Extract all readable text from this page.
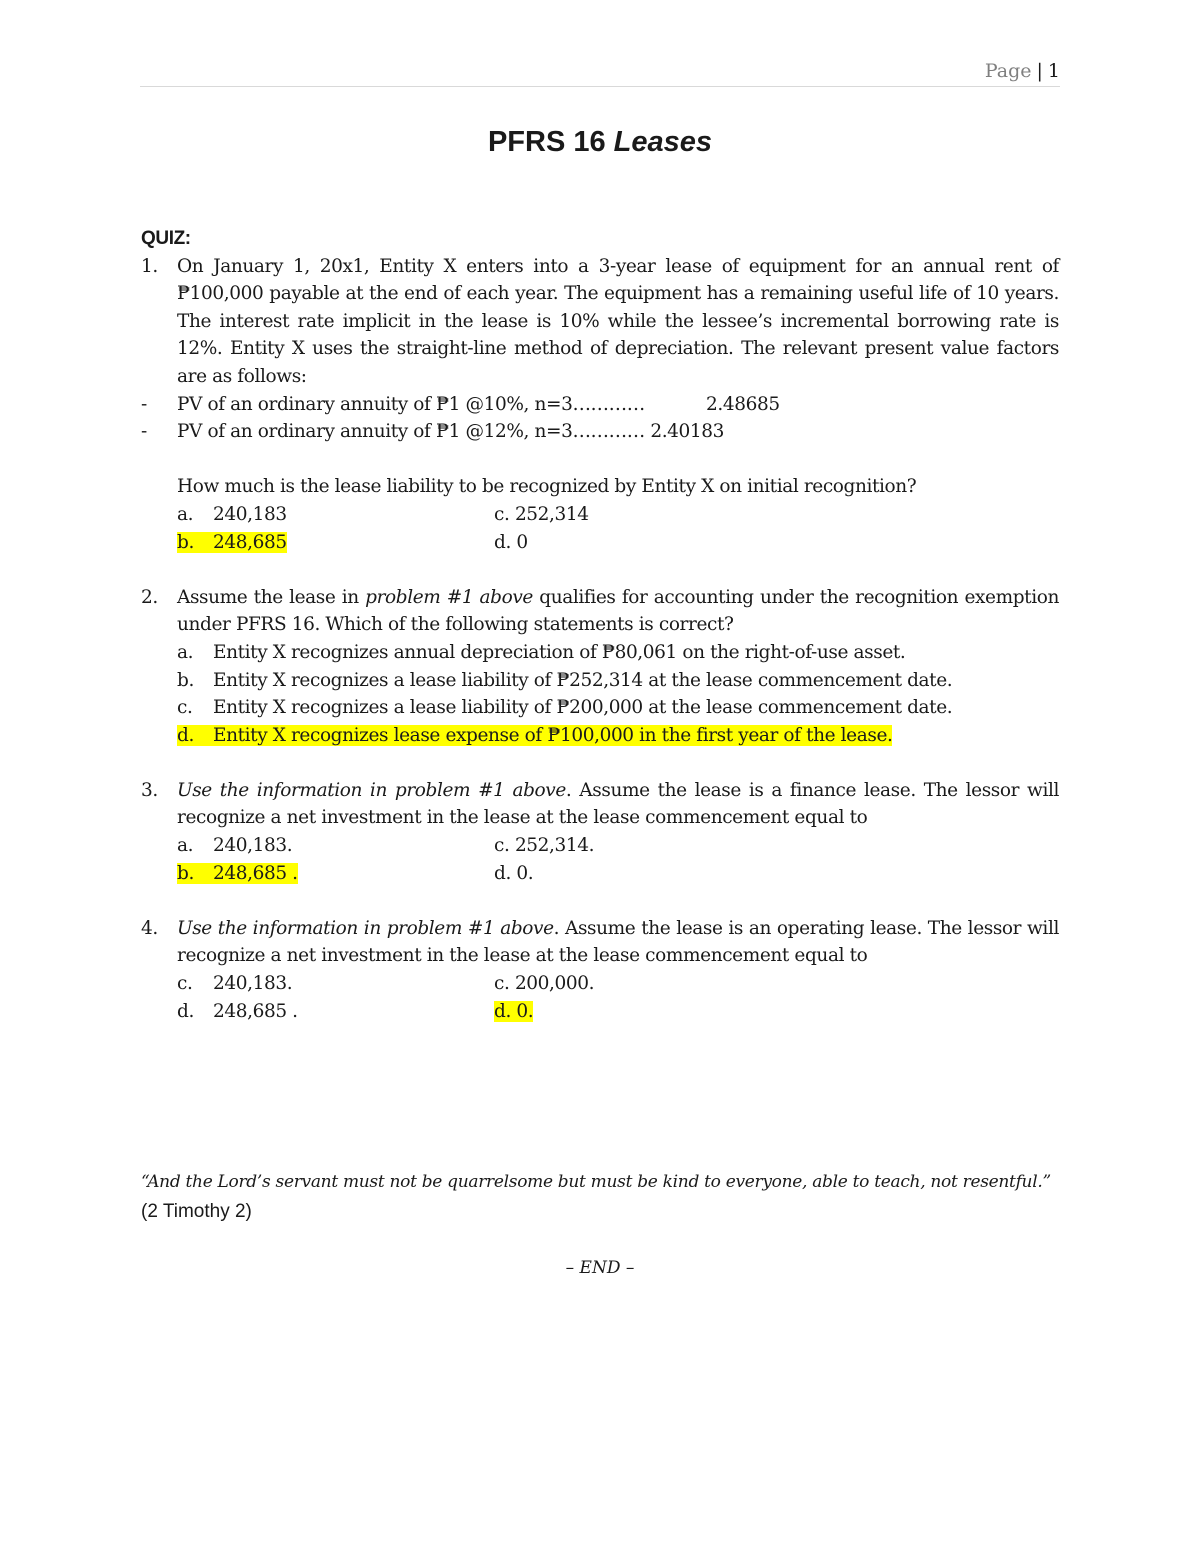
Page | 1
PFRS 16 Leases
QUIZ:
1. On January 1, 20x1, Entity X enters into a 3-year lease of equipment for an annual rent of ₱100,000 payable at the end of each year. The equipment has a remaining useful life of 10 years. The interest rate implicit in the lease is 10% while the lessee’s incremental borrowing rate is 12%. Entity X uses the straight-line method of depreciation. The relevant present value factors are as follows:
- PV of an ordinary annuity of ₱1 @10%, n=3…………	2.48685
- PV of an ordinary annuity of ₱1 @12%, n=3………… 2.40183
How much is the lease liability to be recognized by Entity X on initial recognition?
a. 240,183	c. 252,314
b. 248,685	d. 0
2. Assume the lease in problem #1 above qualifies for accounting under the recognition exemption under PFRS 16. Which of the following statements is correct?
a. Entity X recognizes annual depreciation of ₱80,061 on the right-of-use asset.
b. Entity X recognizes a lease liability of ₱252,314 at the lease commencement date.
c. Entity X recognizes a lease liability of ₱200,000 at the lease commencement date.
d. Entity X recognizes lease expense of ₱100,000 in the first year of the lease.
3. Use the information in problem #1 above. Assume the lease is a finance lease. The lessor will recognize a net investment in the lease at the lease commencement equal to
a. 240,183.	c. 252,314.
b. 248,685 .	d. 0.
4. Use the information in problem #1 above. Assume the lease is an operating lease. The lessor will recognize a net investment in the lease at the lease commencement equal to
c. 240,183.	c. 200,000.
d. 248,685 .	d. 0.
“And the Lord’s servant must not be quarrelsome but must be kind to everyone, able to teach, not resentful.” (2 Timothy 2)
– END –
